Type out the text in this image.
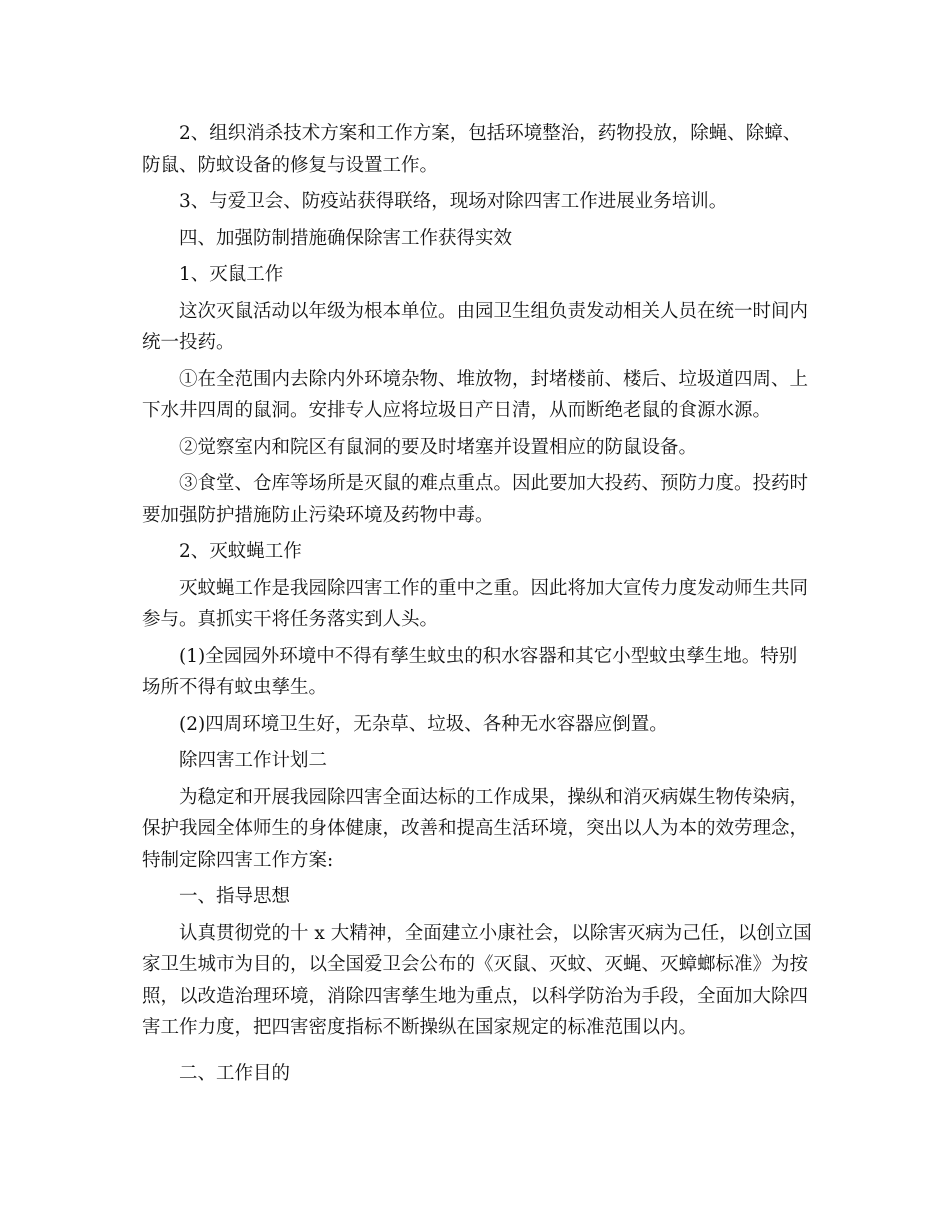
2、组织消杀技术方案和工作方案，包括环境整治，药物投放，除蝇、除蟑、
防鼠、防蚊设备的修复与设置工作。
3、与爱卫会、防疫站获得联络，现场对除四害工作进展业务培训。
四、加强防制措施确保除害工作获得实效
1、灭鼠工作
这次灭鼠活动以年级为根本单位。由园卫生组负责发动相关人员在统一时间内
统一投药。
①在全范围内去除内外环境杂物、堆放物，封堵楼前、楼后、垃圾道四周、上
下水井四周的鼠洞。安排专人应将垃圾日产日清，从而断绝老鼠的食源水源。
②觉察室内和院区有鼠洞的要及时堵塞并设置相应的防鼠设备。
③食堂、仓库等场所是灭鼠的难点重点。因此要加大投药、预防力度。投药时
要加强防护措施防止污染环境及药物中毒。
2、灭蚊蝇工作
灭蚊蝇工作是我园除四害工作的重中之重。因此将加大宣传力度发动师生共同
参与。真抓实干将任务落实到人头。
(1)全园园外环境中不得有孳生蚊虫的积水容器和其它小型蚊虫孳生地。特别
场所不得有蚊虫孳生。
(2)四周环境卫生好，无杂草、垃圾、各种无水容器应倒置。
除四害工作计划二
为稳定和开展我园除四害全面达标的工作成果，操纵和消灭病媒生物传染病，
保护我园全体师生的身体健康，改善和提高生活环境，突出以人为本的效劳理念，
特制定除四害工作方案:
一、指导思想
认真贯彻党的十 x 大精神，全面建立小康社会，以除害灭病为己任，以创立国
家卫生城市为目的，以全国爱卫会公布的《灭鼠、灭蚊、灭蝇、灭蟑螂标准》为按
照，以改造治理环境，消除四害孳生地为重点，以科学防治为手段，全面加大除四
害工作力度，把四害密度指标不断操纵在国家规定的标准范围以内。
二、工作目的
